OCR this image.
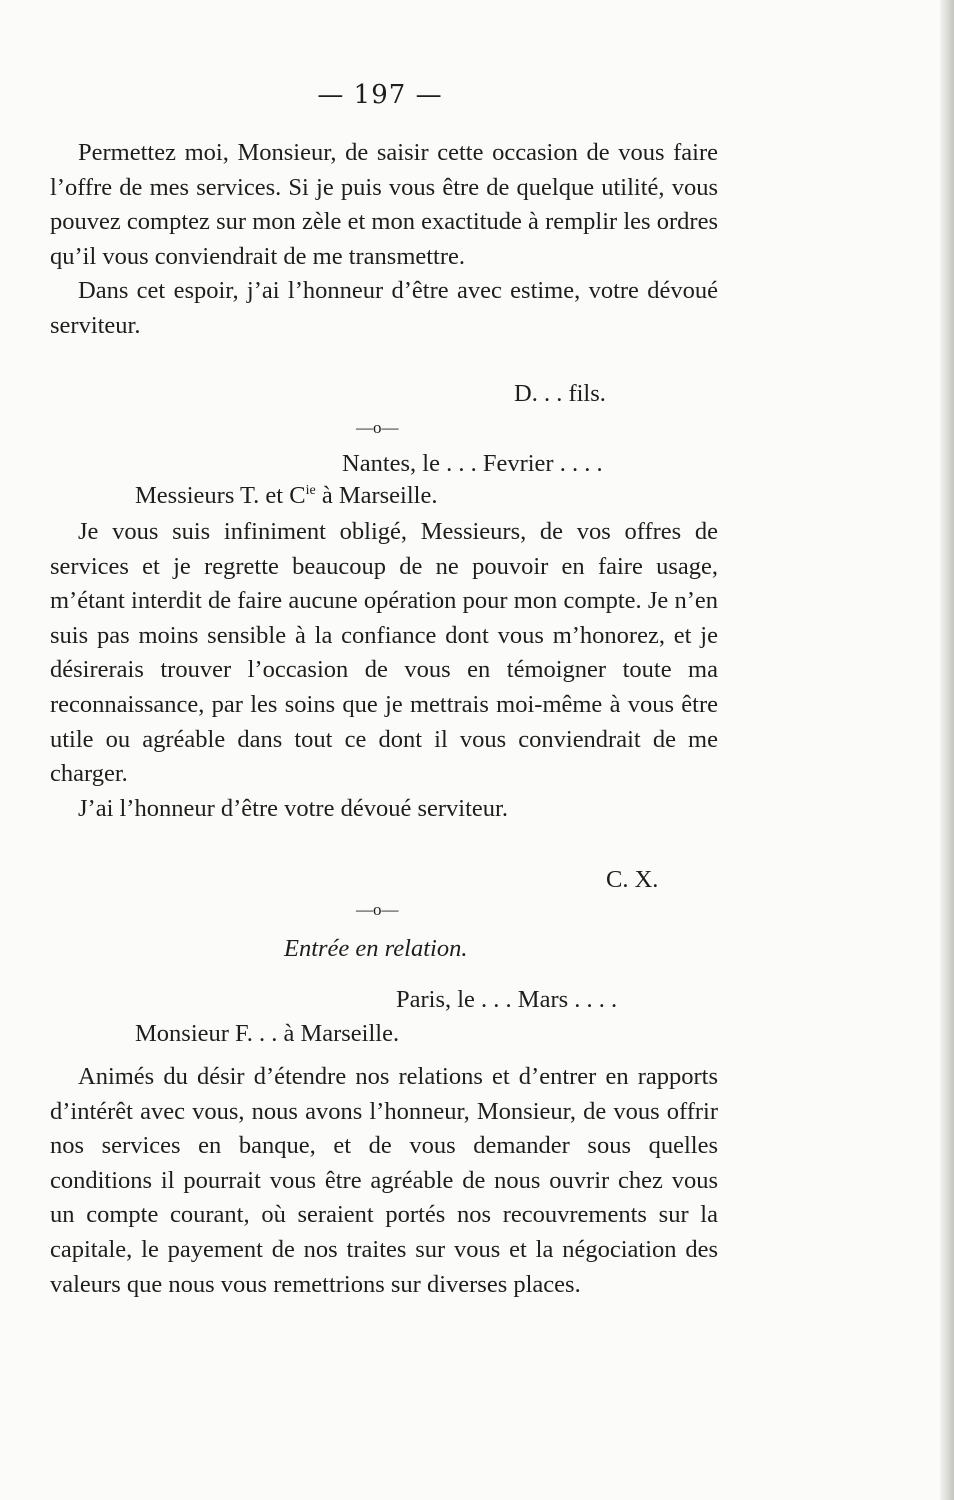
— 197 —

Permettez moi, Monsieur, de saisir cette occasion de vous faire l’offre de mes services. Si je puis vous être de quelque utilité, vous pouvez comptez sur mon zèle et mon exactitude à remplir les ordres qu’il vous conviendrait de me transmettre.

Dans cet espoir, j’ai l’honneur d’être avec estime, votre dévoué serviteur.

D. . . fils.
—o—
Nantes, le . . . Fevrier . . . .
Messieurs T. et $C^{ie}$ à Marseille.

Je vous suis infiniment obligé, Messieurs, de vos offres de services et je regrette beaucoup de ne pouvoir en faire usage, m’étant interdit de faire aucune opération pour mon compte. Je n’en suis pas moins sensible à la confiance dont vous m’honorez, et je désirerais trouver l’occasion de vous en témoigner toute ma reconnaissance, par les soins que je mettrais moi-même à vous être utile ou agréable dans tout ce dont il vous conviendrait de me charger.

J’ai l’honneur d’être votre dévoué serviteur.

C. X.
—o—
Entrée en relation.
Paris, le . . . Mars . . . .
Monsieur F. . . à Marseille.

Animés du désir d’étendre nos relations et d’entrer en rapports d’intérêt avec vous, nous avons l’honneur, Monsieur, de vous offrir nos services en banque, et de vous demander sous quelles conditions il pourrait vous être agréable de nous ouvrir chez vous un compte courant, où seraient portés nos recouvrements sur la capitale, le payement de nos traites sur vous et la négociation des valeurs que nous vous remettrions sur diverses places.
